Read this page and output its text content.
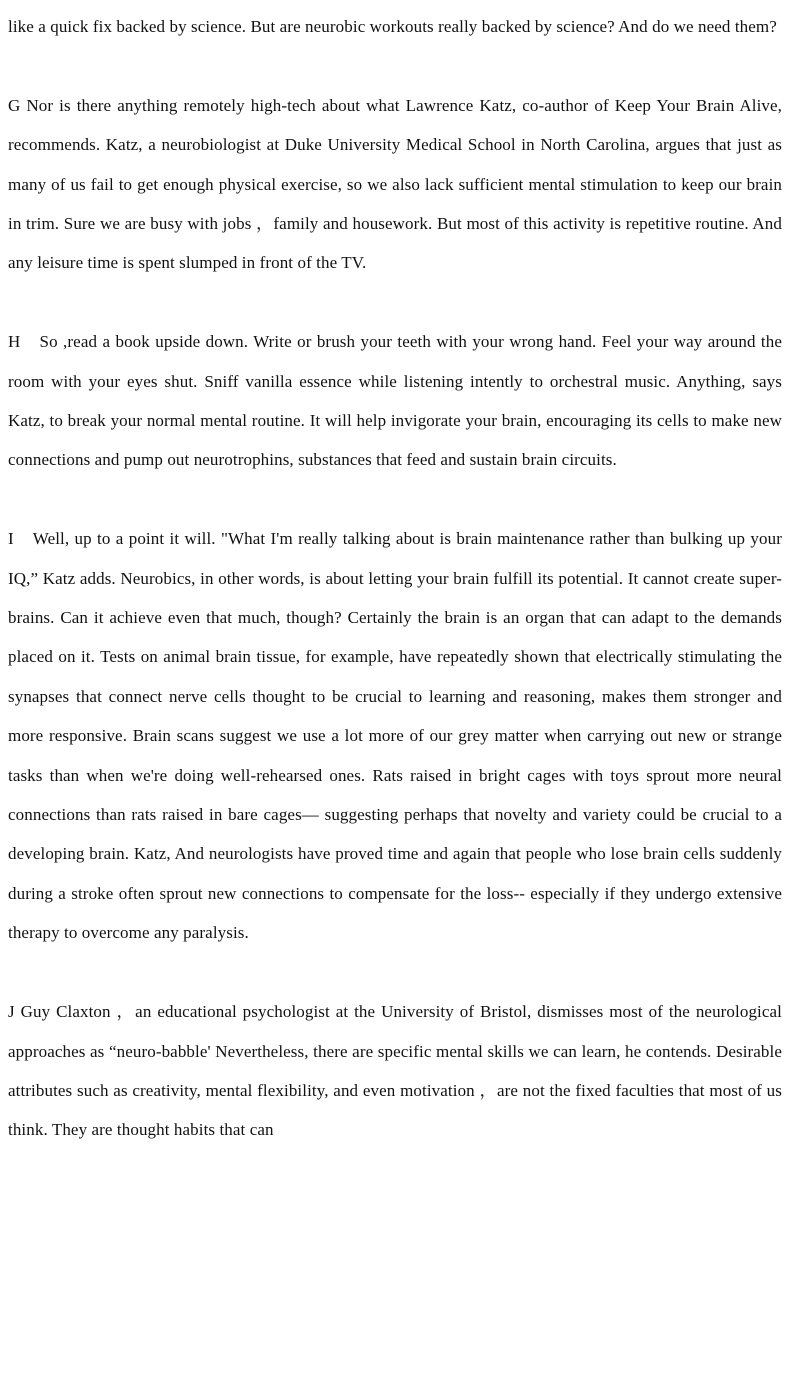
like a quick fix backed by science. But are neurobic workouts really backed by science? And do we need them?

G Nor is there anything remotely high-tech about what Lawrence Katz, co-author of Keep Your Brain Alive, recommends. Katz, a neurobiologist at Duke University Medical School in North Carolina, argues that just as many of us fail to get enough physical exercise, so we also lack sufficient mental stimulation to keep our brain in trim. Sure we are busy with jobs ，family and housework. But most of this activity is repetitive routine. And any leisure time is spent slumped in front of the TV.

H　So ,read a book upside down. Write or brush your teeth with your wrong hand. Feel your way around the room with your eyes shut. Sniff vanilla essence while listening intently to orchestral music. Anything, says Katz, to break your normal mental routine. It will help invigorate your brain, encouraging its cells to make new connections and pump out neurotrophins, substances that feed and sustain brain circuits.

I　Well, up to a point it will. "What I'm really talking about is brain maintenance rather than bulking up your IQ,” Katz adds. Neurobics, in other words, is about letting your brain fulfill its potential. It cannot create super-brains. Can it achieve even that much, though? Certainly the brain is an organ that can adapt to the demands placed on it. Tests on animal brain tissue, for example, have repeatedly shown that electrically stimulating the synapses that connect nerve cells thought to be crucial to learning and reasoning, makes them stronger and more responsive. Brain scans suggest we use a lot more of our grey matter when carrying out new or strange tasks than when we're doing well-rehearsed ones. Rats raised in bright cages with toys sprout more neural connections than rats raised in bare cages— suggesting perhaps that novelty and variety could be crucial to a developing brain. Katz, And neurologists have proved time and again that people who lose brain cells suddenly during a stroke often sprout new connections to compensate for the loss-- especially if they undergo extensive therapy to overcome any paralysis.

J Guy Claxton ，an educational psychologist at the University of Bristol, dismisses most of the neurological approaches as “neuro-babble' Nevertheless, there are specific mental skills we can learn, he contends. Desirable attributes such as creativity, mental flexibility, and even motivation ，are not the fixed faculties that most of us think. They are thought habits that can
